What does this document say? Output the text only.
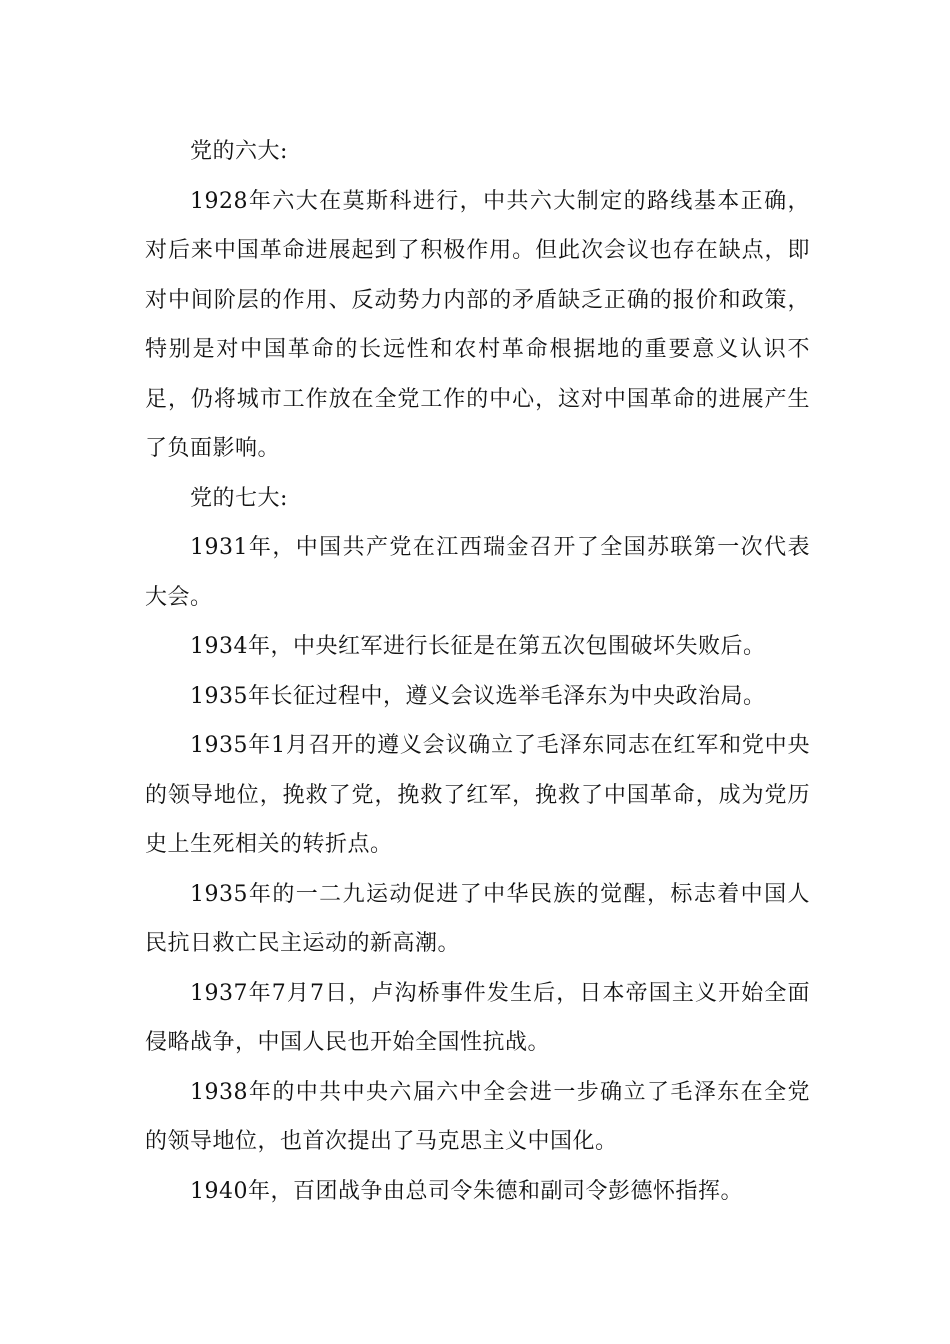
党的六大:

1928年六大在莫斯科进行，中共六大制定的路线基本正确，对后来中国革命进展起到了积极作用。但此次会议也存在缺点，即对中间阶层的作用、反动势力内部的矛盾缺乏正确的报价和政策，特别是对中国革命的长远性和农村革命根据地的重要意义认识不足，仍将城市工作放在全党工作的中心，这对中国革命的进展产生了负面影响。

党的七大:

1931年，中国共产党在江西瑞金召开了全国苏联第一次代表大会。

1934年，中央红军进行长征是在第五次包围破坏失败后。

1935年长征过程中，遵义会议选举毛泽东为中央政治局。

1935年1月召开的遵义会议确立了毛泽东同志在红军和党中央的领导地位，挽救了党，挽救了红军，挽救了中国革命，成为党历史上生死相关的转折点。

1935年的一二九运动促进了中华民族的觉醒，标志着中国人民抗日救亡民主运动的新高潮。

1937年7月7日，卢沟桥事件发生后，日本帝国主义开始全面侵略战争，中国人民也开始全国性抗战。

1938年的中共中央六届六中全会进一步确立了毛泽东在全党的领导地位，也首次提出了马克思主义中国化。

1940年，百团战争由总司令朱德和副司令彭德怀指挥。
